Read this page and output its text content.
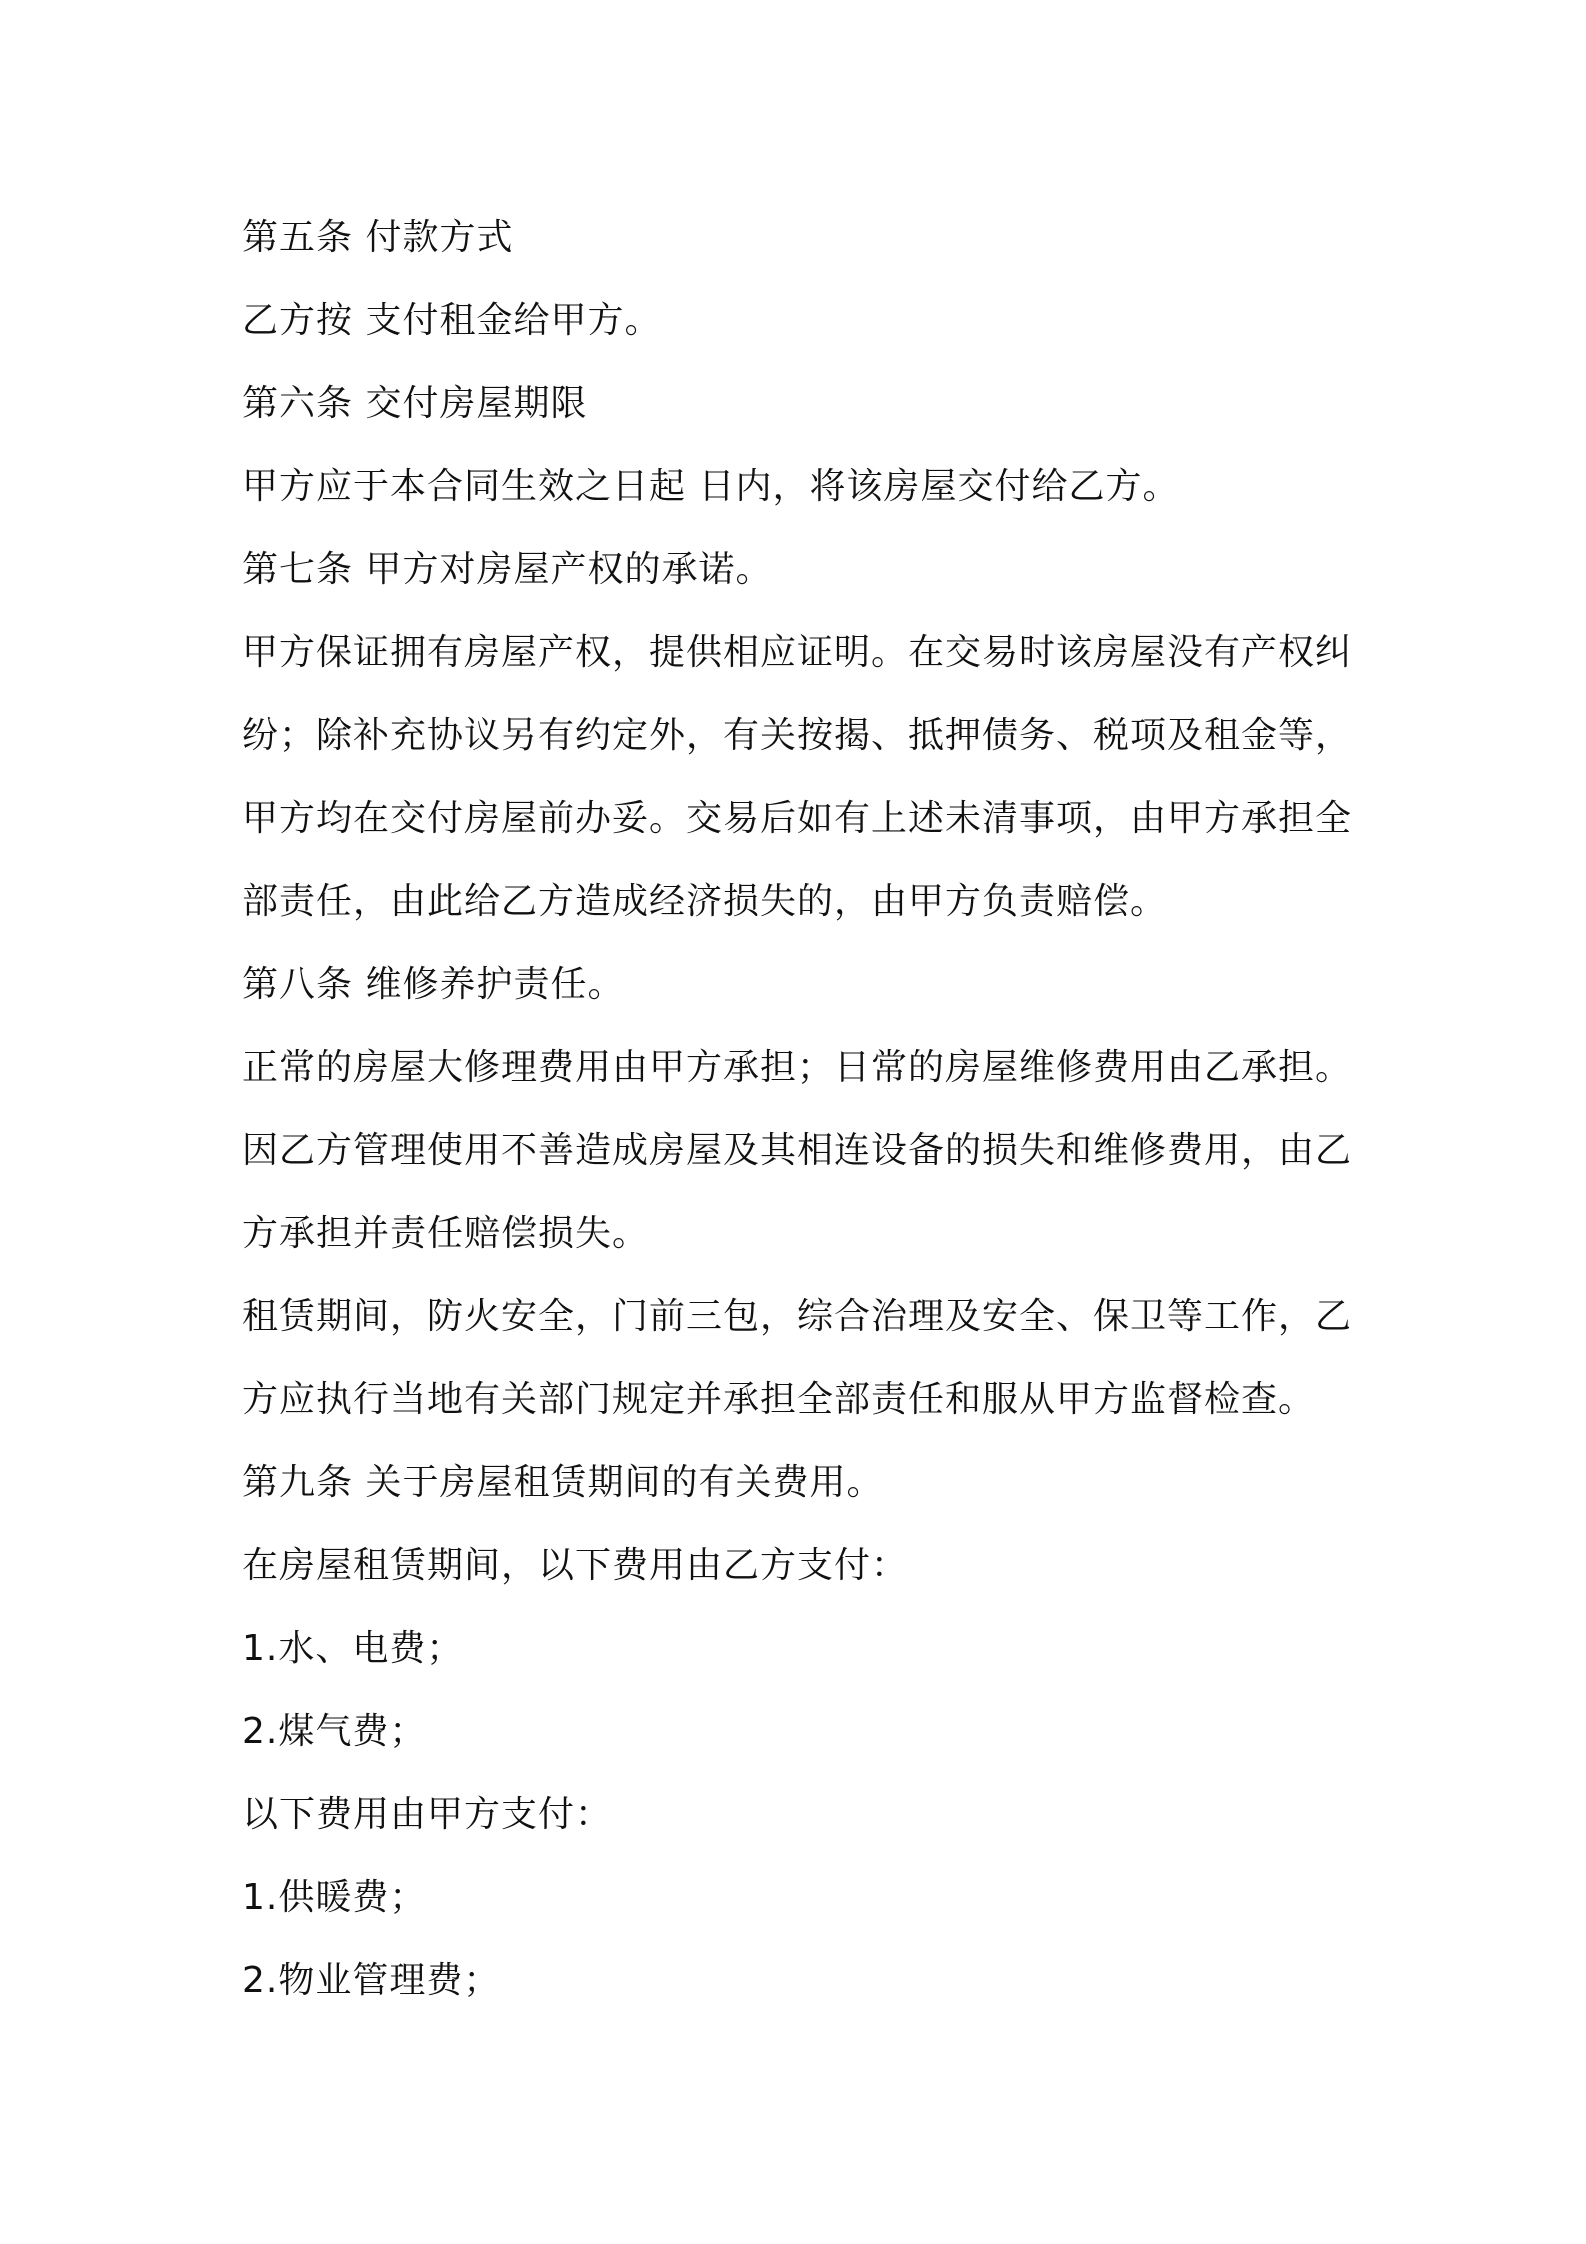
第五条 付款方式
乙方按 支付租金给甲方。
第六条 交付房屋期限
甲方应于本合同生效之日起 日内，将该房屋交付给乙方。
第七条 甲方对房屋产权的承诺。
甲方保证拥有房屋产权，提供相应证明。在交易时该房屋没有产权纠
纷；除补充协议另有约定外，有关按揭、抵押债务、税项及租金等，
甲方均在交付房屋前办妥。交易后如有上述未清事项，由甲方承担全
部责任，由此给乙方造成经济损失的，由甲方负责赔偿。
第八条 维修养护责任。
正常的房屋大修理费用由甲方承担；日常的房屋维修费用由乙承担。
因乙方管理使用不善造成房屋及其相连设备的损失和维修费用，由乙
方承担并责任赔偿损失。
租赁期间，防火安全，门前三包，综合治理及安全、保卫等工作，乙
方应执行当地有关部门规定并承担全部责任和服从甲方监督检查。
第九条 关于房屋租赁期间的有关费用。
在房屋租赁期间，以下费用由乙方支付：
1.水、电费；
2.煤气费；
以下费用由甲方支付：
1.供暖费；
2.物业管理费；
